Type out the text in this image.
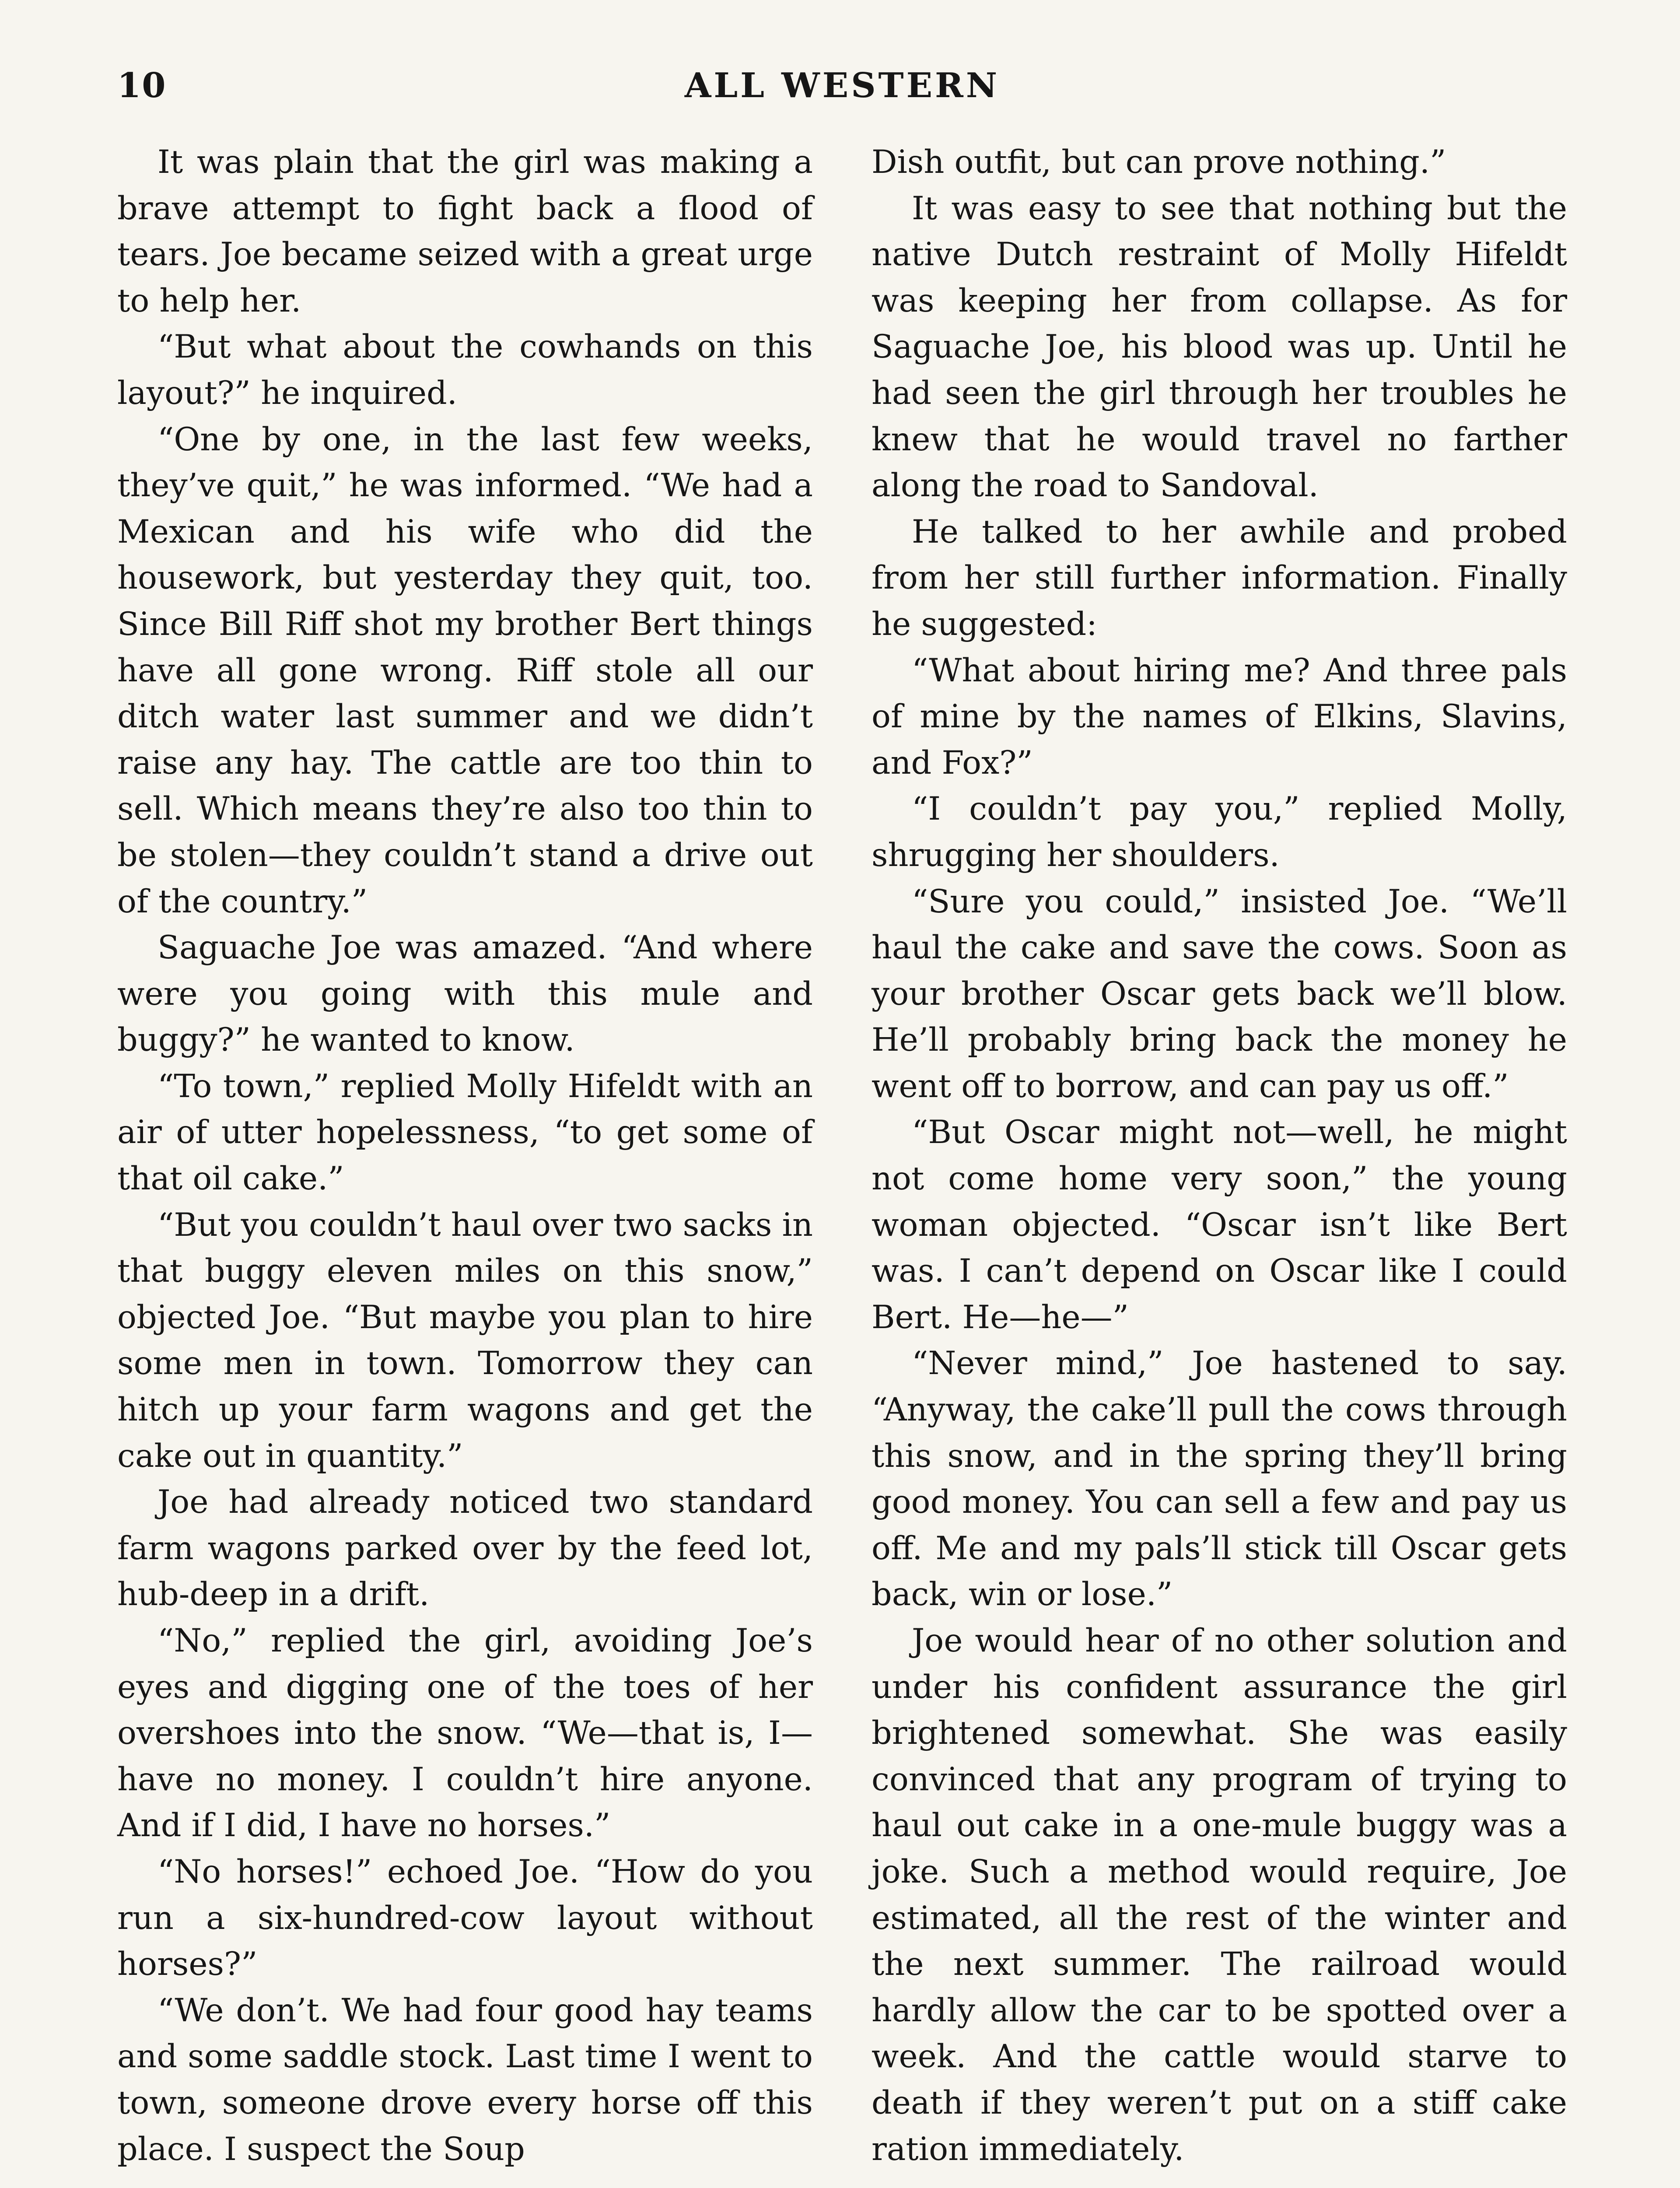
10	ALL WESTERN

It was plain that the girl was making a brave attempt to fight back a flood of tears. Joe became seized with a great urge to help her.

“But what about the cowhands on this layout?” he inquired.

“One by one, in the last few weeks, they’ve quit,” he was informed. “We had a Mexican and his wife who did the housework, but yesterday they quit, too. Since Bill Riff shot my brother Bert things have all gone wrong. Riff stole all our ditch water last summer and we didn’t raise any hay. The cattle are too thin to sell. Which means they’re also too thin to be stolen—they couldn’t stand a drive out of the country.”

Saguache Joe was amazed. “And where were you going with this mule and buggy?” he wanted to know.

“To town,” replied Molly Hifeldt with an air of utter hopelessness, “to get some of that oil cake.”

“But you couldn’t haul over two sacks in that buggy eleven miles on this snow,” objected Joe. “But maybe you plan to hire some men in town. Tomorrow they can hitch up your farm wagons and get the cake out in quantity.”

Joe had already noticed two standard farm wagons parked over by the feed lot, hub-deep in a drift.

“No,” replied the girl, avoiding Joe’s eyes and digging one of the toes of her overshoes into the snow. “We—that is, I—have no money. I couldn’t hire anyone. And if I did, I have no horses.”

“No horses!” echoed Joe. “How do you run a six-hundred-cow layout without horses?”

“We don’t. We had four good hay teams and some saddle stock. Last time I went to town, someone drove every horse off this place. I suspect the Soup

Dish outfit, but can prove nothing.”

It was easy to see that nothing but the native Dutch restraint of Molly Hifeldt was keeping her from collapse. As for Saguache Joe, his blood was up. Until he had seen the girl through her troubles he knew that he would travel no farther along the road to Sandoval.

He talked to her awhile and probed from her still further information. Finally he suggested:

“What about hiring me? And three pals of mine by the names of Elkins, Slavins, and Fox?”

“I couldn’t pay you,” replied Molly, shrugging her shoulders.

“Sure you could,” insisted Joe. “We’ll haul the cake and save the cows. Soon as your brother Oscar gets back we’ll blow. He’ll probably bring back the money he went off to borrow, and can pay us off.”

“But Oscar might not—well, he might not come home very soon,” the young woman objected. “Oscar isn’t like Bert was. I can’t depend on Oscar like I could Bert. He—he—”

“Never mind,” Joe hastened to say. “Anyway, the cake’ll pull the cows through this snow, and in the spring they’ll bring good money. You can sell a few and pay us off. Me and my pals’ll stick till Oscar gets back, win or lose.”

Joe would hear of no other solution and under his confident assurance the girl brightened somewhat. She was easily convinced that any program of trying to haul out cake in a one-mule buggy was a joke. Such a method would require, Joe estimated, all the rest of the winter and the next summer. The railroad would hardly allow the car to be spotted over a week. And the cattle would starve to death if they weren’t put on a stiff cake ration immediately.
